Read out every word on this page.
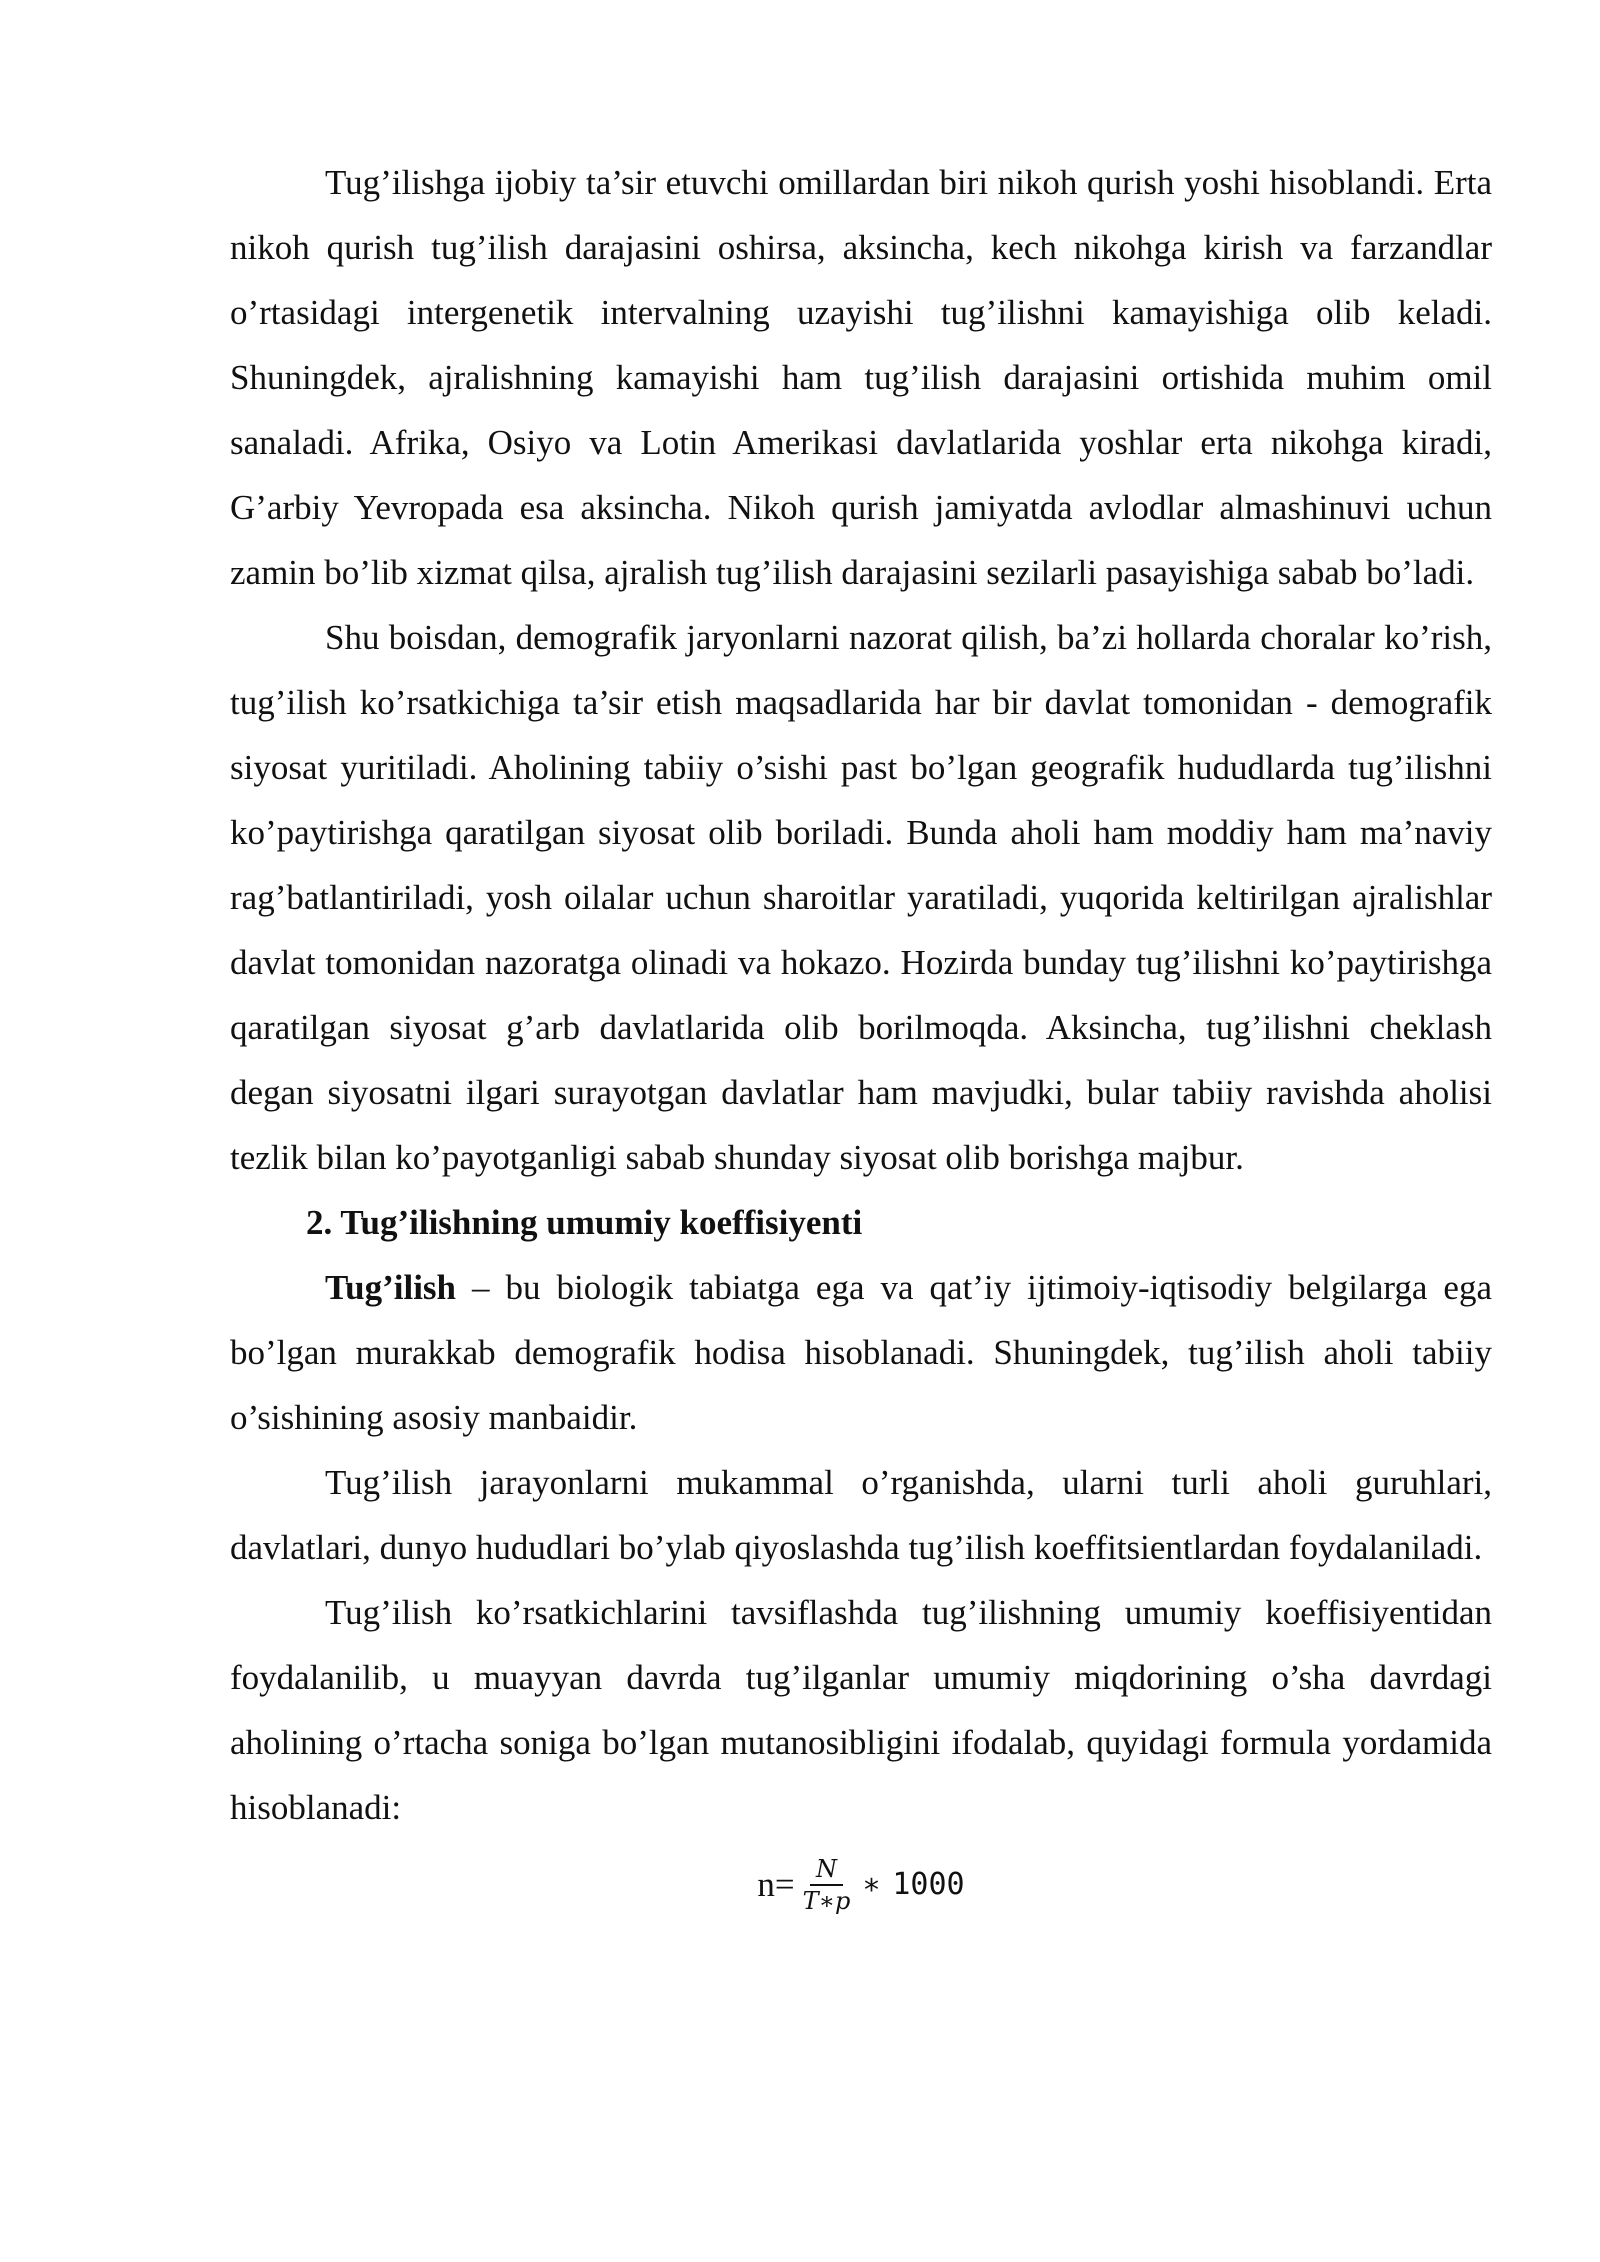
Tug’ilishga ijobiy ta’sir etuvchi omillardan biri nikoh qurish yoshi hisoblandi. Erta nikoh qurish tug’ilish darajasini oshirsa, aksincha, kech nikohga kirish va farzandlar o’rtasidagi intergenetik intervalning uzayishi tug’ilishni kamayishiga olib keladi. Shuningdek, ajralishning kamayishi ham tug’ilish darajasini ortishida muhim omil sanaladi. Afrika, Osiyo va Lotin Amerikasi davlatlarida yoshlar erta nikohga kiradi, G’arbiy Yevropada esa aksincha. Nikoh qurish jamiyatda avlodlar almashinuvi uchun zamin bo’lib xizmat qilsa, ajralish tug’ilish darajasini sezilarli pasayishiga sabab bo’ladi.

Shu boisdan, demografik jaryonlarni nazorat qilish, ba’zi hollarda choralar ko’rish, tug’ilish ko’rsatkichiga ta’sir etish maqsadlarida har bir davlat tomonidan - demografik siyosat yuritiladi. Aholining tabiiy o’sishi past bo’lgan geografik hududlarda tug’ilishni ko’paytirishga qaratilgan siyosat olib boriladi. Bunda aholi ham moddiy ham ma’naviy rag’batlantiriladi, yosh oilalar uchun sharoitlar yaratiladi, yuqorida keltirilgan ajralishlar davlat tomonidan nazoratga olinadi va hokazo. Hozirda bunday tug’ilishni ko’paytirishga qaratilgan siyosat g’arb davlatlarida olib borilmoqda. Aksincha, tug’ilishni cheklash degan siyosatni ilgari surayotgan davlatlar ham mavjudki, bular tabiiy ravishda aholisi tezlik bilan ko’payotganligi sabab shunday siyosat olib borishga majbur.

2. Tug’ilishning umumiy koeffisiyenti

Tug’ilish – bu biologik tabiatga ega va qat’iy ijtimoiy-iqtisodiy belgilarga ega bo’lgan murakkab demografik hodisa hisoblanadi. Shuningdek, tug’ilish aholi tabiiy o’sishining asosiy manbaidir.

Tug’ilish jarayonlarni mukammal o’rganishda, ularni turli aholi guruhlari, davlatlari, dunyo hududlari bo’ylab qiyoslashda tug’ilish koeffitsientlardan foydalaniladi.

Tug’ilish ko’rsatkichlarini tavsiflashda tug’ilishning umumiy koeffisiyentidan foydalanilib, u muayyan davrda tug’ilganlar umumiy miqdorining o’sha davrdagi aholining o’rtacha soniga bo’lgan mutanosibligini ifodalab, quyidagi formula yordamida hisoblanadi:

$n= \frac{N}{T∗p}$ ∗ 1000
